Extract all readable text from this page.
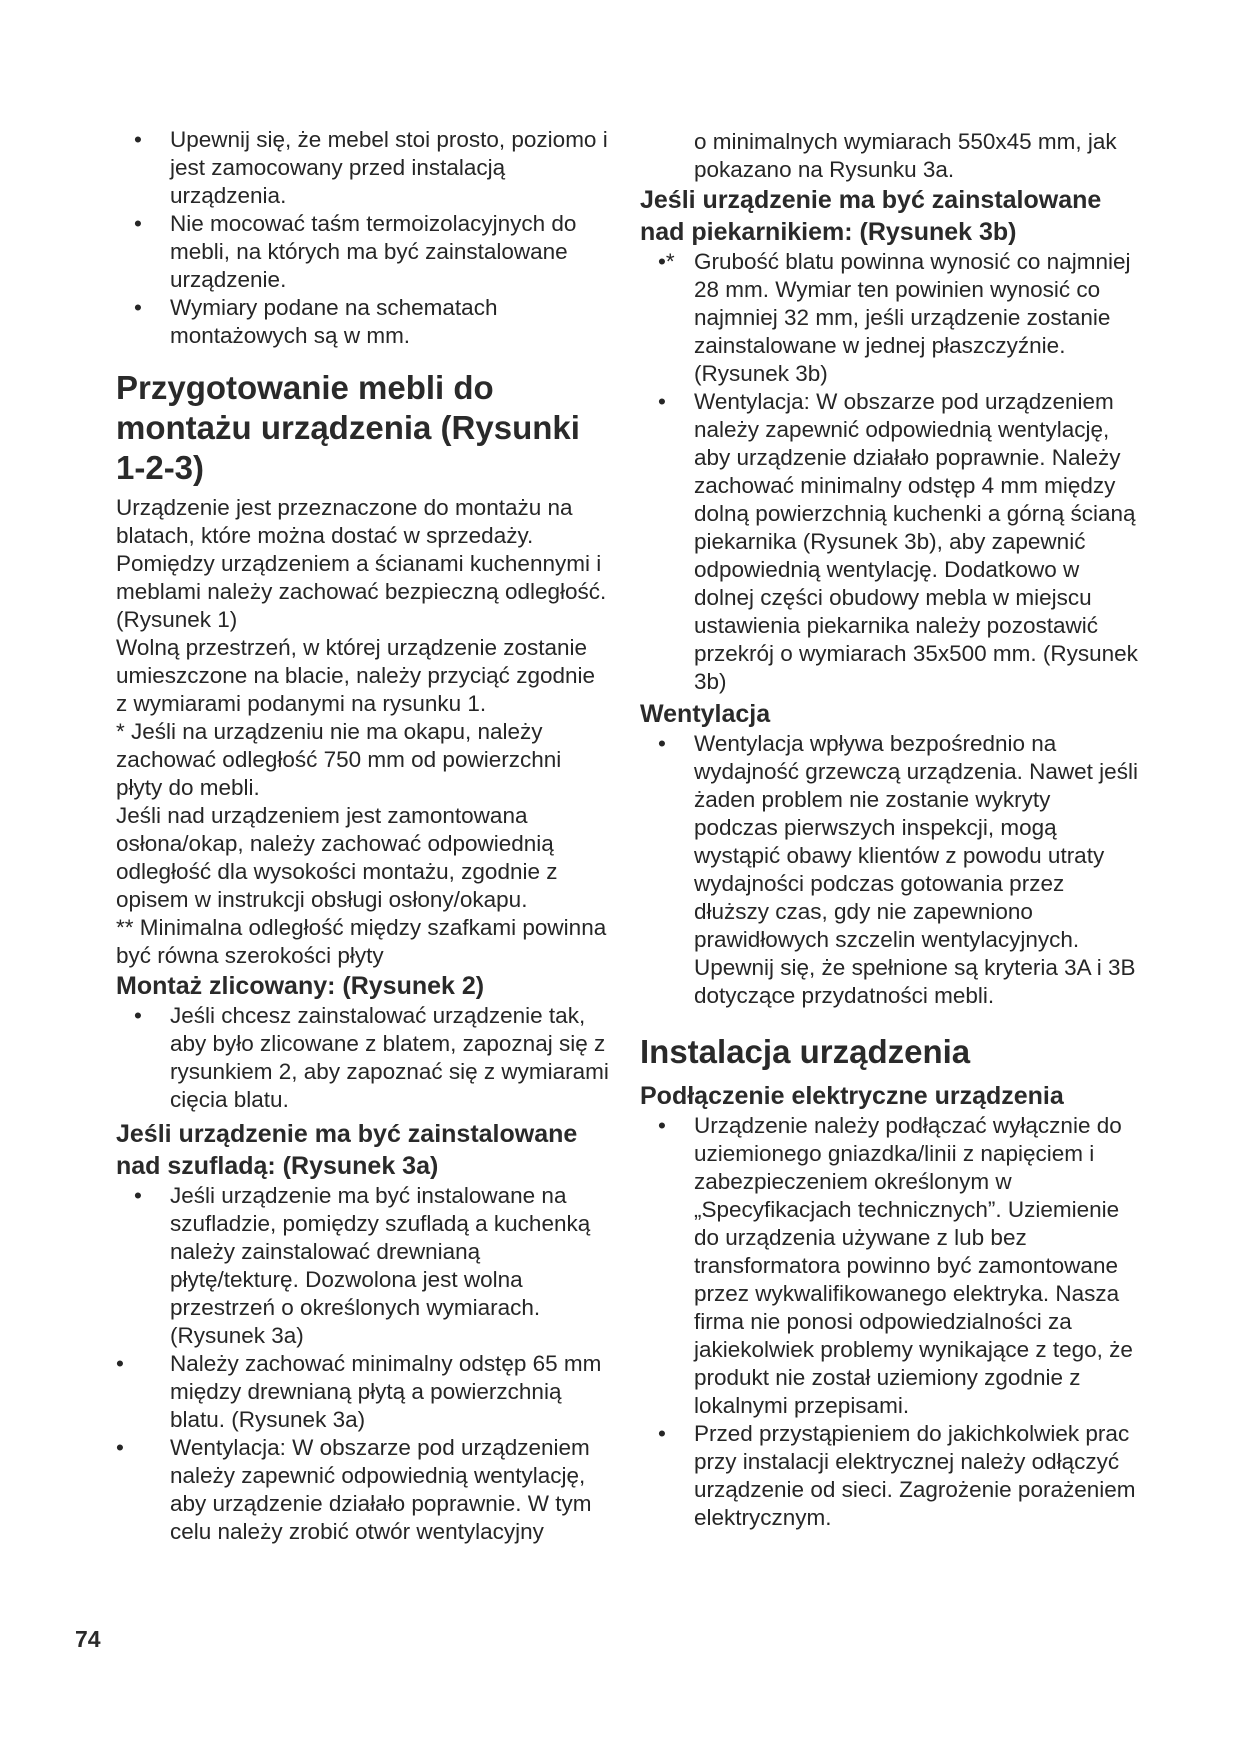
• Upewnij się, że mebel stoi prosto, poziomo i jest zamocowany przed instalacją urządzenia.
• Nie mocować taśm termoizolacyjnych do mebli, na których ma być zainstalowane urządzenie.
• Wymiary podane na schematach montażowych są w mm.
Przygotowanie mebli do montażu urządzenia (Rysunki 1-2-3)

Urządzenie jest przeznaczone do montażu na blatach, które można dostać w sprzedaży. Pomiędzy urządzeniem a ścianami kuchennymi i meblami należy zachować bezpieczną odległość. (Rysunek 1)

Wolną przestrzeń, w której urządzenie zostanie umieszczone na blacie, należy przyciąć zgodnie z wymiarami podanymi na rysunku 1.

* Jeśli na urządzeniu nie ma okapu, należy zachować odległość 750 mm od powierzchni płyty do mebli.

Jeśli nad urządzeniem jest zamontowana osłona/okap, należy zachować odpowiednią odległość dla wysokości montażu, zgodnie z opisem w instrukcji obsługi osłony/okapu.

** Minimalna odległość między szafkami powinna być równa szerokości płyty

Montaż zlicowany: (Rysunek 2)
• Jeśli chcesz zainstalować urządzenie tak, aby było zlicowane z blatem, zapoznaj się z rysunkiem 2, aby zapoznać się z wymiarami cięcia blatu.
Jeśli urządzenie ma być zainstalowane nad szufladą: (Rysunek 3a)
• Jeśli urządzenie ma być instalowane na szufladzie, pomiędzy szufladą a kuchenką należy zainstalować drewnianą płytę/tekturę. Dozwolona jest wolna przestrzeń o określonych wymiarach. (Rysunek 3a)
• Należy zachować minimalny odstęp 65 mm między drewnianą płytą a powierzchnią blatu. (Rysunek 3a)
• Wentylacja: W obszarze pod urządzeniem należy zapewnić odpowiednią wentylację, aby urządzenie działało poprawnie. W tym celu należy zrobić otwór wentylacyjny

o minimalnych wymiarach 550x45 mm, jak pokazano na Rysunku 3a.

Jeśli urządzenie ma być zainstalowane nad piekarnikiem: (Rysunek 3b)
•* Grubość blatu powinna wynosić co najmniej 28 mm. Wymiar ten powinien wynosić co najmniej 32 mm, jeśli urządzenie zostanie zainstalowane w jednej płaszczyźnie. (Rysunek 3b)
• Wentylacja: W obszarze pod urządzeniem należy zapewnić odpowiednią wentylację, aby urządzenie działało poprawnie. Należy zachować minimalny odstęp 4 mm między dolną powierzchnią kuchenki a górną ścianą piekarnika (Rysunek 3b), aby zapewnić odpowiednią wentylację. Dodatkowo w dolnej części obudowy mebla w miejscu ustawienia piekarnika należy pozostawić przekrój o wymiarach 35x500 mm. (Rysunek 3b)
Wentylacja
• Wentylacja wpływa bezpośrednio na wydajność grzewczą urządzenia. Nawet jeśli żaden problem nie zostanie wykryty podczas pierwszych inspekcji, mogą wystąpić obawy klientów z powodu utraty wydajności podczas gotowania przez dłuższy czas, gdy nie zapewniono prawidłowych szczelin wentylacyjnych. Upewnij się, że spełnione są kryteria 3A i 3B dotyczące przydatności mebli.
Instalacja urządzenia
Podłączenie elektryczne urządzenia
• Urządzenie należy podłączać wyłącznie do uziemionego gniazdka/linii z napięciem i zabezpieczeniem określonym w „Specyfikacjach technicznych”. Uziemienie do urządzenia używane z lub bez transformatora powinno być zamontowane przez wykwalifikowanego elektryka. Nasza firma nie ponosi odpowiedzialności za jakiekolwiek problemy wynikające z tego, że produkt nie został uziemiony zgodnie z lokalnymi przepisami.
• Przed przystąpieniem do jakichkolwiek prac przy instalacji elektrycznej należy odłączyć urządzenie od sieci. Zagrożenie porażeniem elektrycznym.
74
